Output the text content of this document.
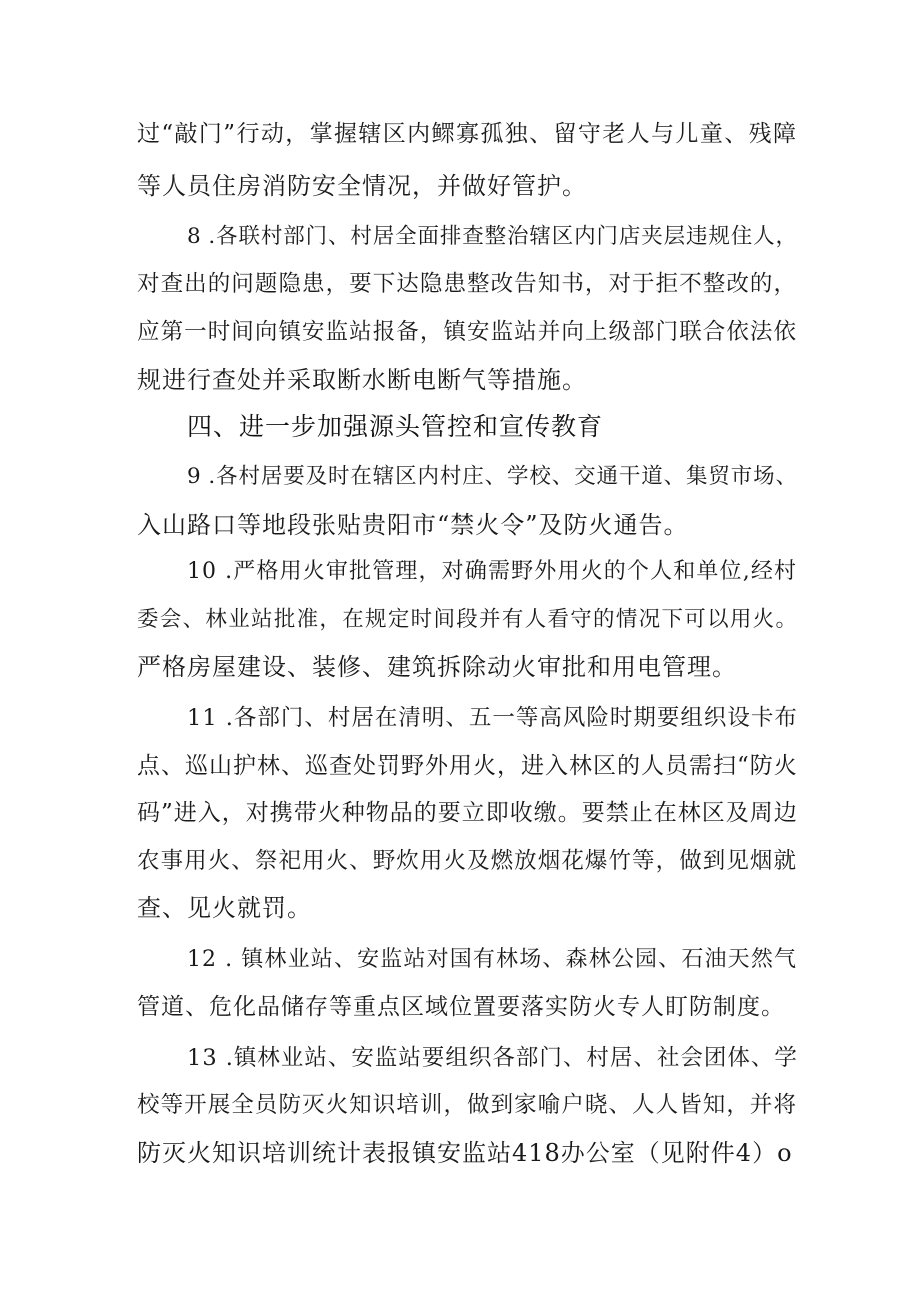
过“敲门”行动，掌握辖区内鳏寡孤独、留守老人与儿童、残障
等人员住房消防安全情况，并做好管护。
8 .各联村部门、村居全面排查整治辖区内门店夹层违规住人，
对查出的问题隐患，要下达隐患整改告知书，对于拒不整改的，
应第一时间向镇安监站报备，镇安监站并向上级部门联合依法依
规进行查处并采取断水断电断气等措施。
四、进一步加强源头管控和宣传教育
9 .各村居要及时在辖区内村庄、学校、交通干道、集贸市场、
入山路口等地段张贴贵阳市“禁火令”及防火通告。
10 .严格用火审批管理，对确需野外用火的个人和单位,经村
委会、林业站批准，在规定时间段并有人看守的情况下可以用火。
严格房屋建设、装修、建筑拆除动火审批和用电管理。
11 .各部门、村居在清明、五一等高风险时期要组织设卡布
点、巡山护林、巡查处罚野外用火，进入林区的人员需扫“防火
码”进入，对携带火种物品的要立即收缴。要禁止在林区及周边
农事用火、祭祀用火、野炊用火及燃放烟花爆竹等，做到见烟就
查、见火就罚。
12 . 镇林业站、安监站对国有林场、森林公园、石油天然气
管道、危化品储存等重点区域位置要落实防火专人盯防制度。
13 .镇林业站、安监站要组织各部门、村居、社会团体、学
校等开展全员防灭火知识培训，做到家喻户晓、人人皆知，并将
防灭火知识培训统计表报镇安监站418办公室（见附件4）o
